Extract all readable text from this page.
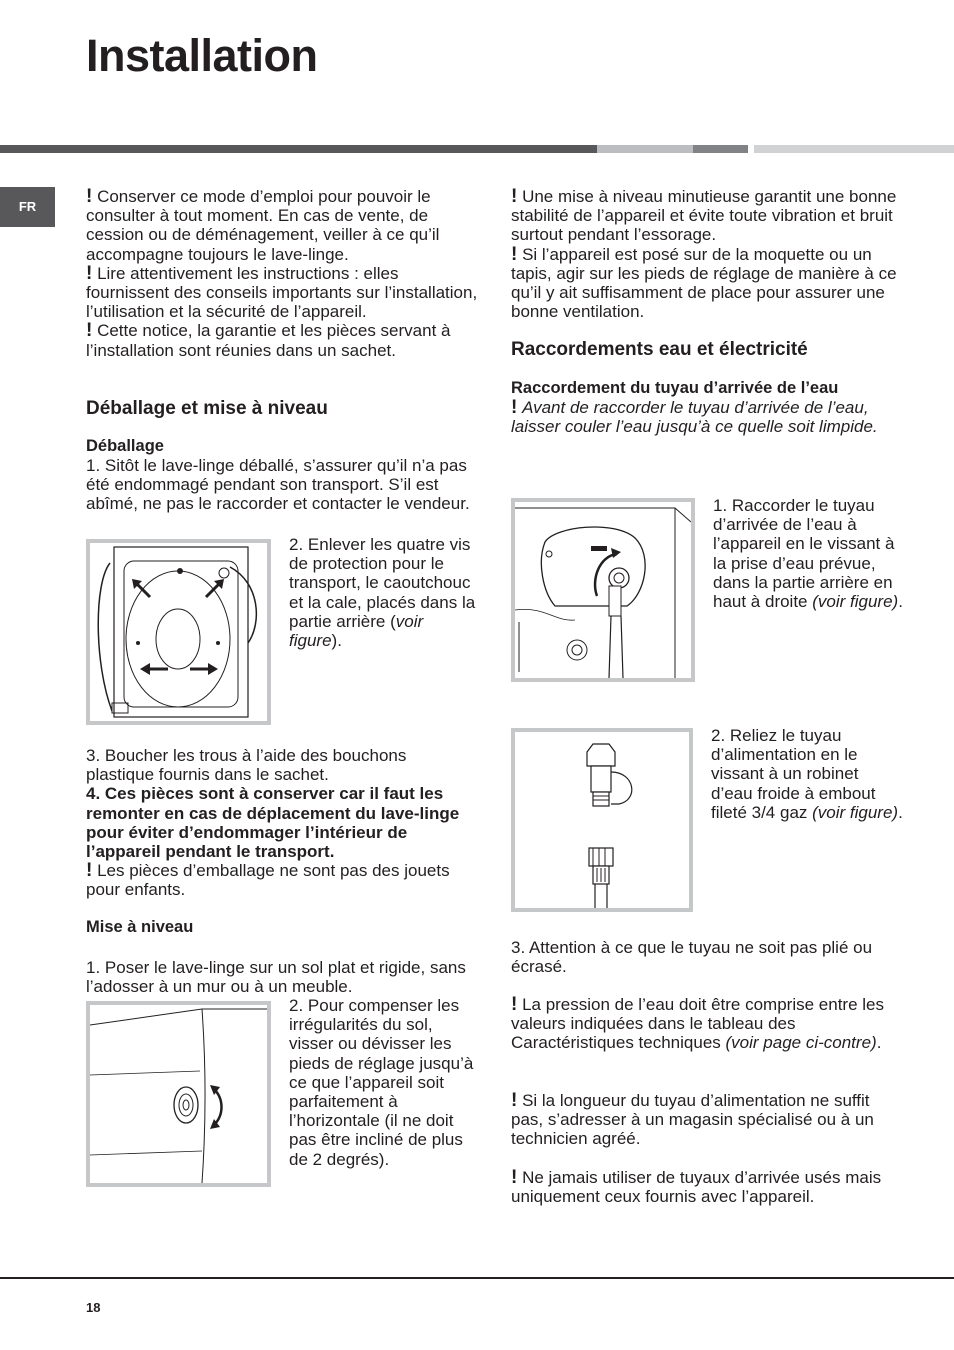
Installation
FR	! Conserver ce mode d’emploi pour pouvoir le consulter à tout moment. En cas de vente, de cession ou de déménagement, veiller à ce qu’il accompagne toujours le lave-linge.

! Lire attentivement les instructions : elles fournissent des conseils importants sur l’installation, l’utilisation et la sécurité de l’appareil.

! Cette notice, la garantie et les pièces servant à l’installation sont réunies dans un sachet.

Déballage et mise à niveau
Déballage

1. Sitôt le lave-linge déballé, s’assurer qu’il n’a pas été endommagé pendant son transport. S’il est abîmé, ne pas le raccorder et contacter le vendeur.

2. Enlever les quatre vis de protection pour le transport, le caoutchouc et la cale, placés dans la partie arrière (voir figure).

3. Boucher les trous à l’aide des bouchons plastique fournis dans le sachet.

4. Ces pièces sont à conserver car il faut les remonter en cas de déplacement du lave-linge pour éviter d’endommager l’intérieur de l’appareil pendant le transport.

! Les pièces d’emballage ne sont pas des jouets pour enfants.

Mise à niveau

1. Poser le lave-linge sur un sol plat et rigide, sans l’adosser à un mur ou à un meuble.

2. Pour compenser les irrégularités du sol, visser ou dévisser les pieds de réglage jusqu’à ce que l’appareil soit parfaitement à l’horizontale (il ne doit pas être incliné de plus de 2 degrés).

! Une mise à niveau minutieuse garantit une bonne stabilité de l’appareil et évite toute vibration et bruit surtout pendant l’essorage.

! Si l’appareil est posé sur de la moquette ou un tapis, agir sur les pieds de réglage de manière à ce qu’il y ait suffisamment de place pour assurer une bonne ventilation.

Raccordements eau et électricité
Raccordement du tuyau d’arrivée de l’eau

! Avant de raccorder le tuyau d’arrivée de l’eau, laisser couler l’eau jusqu’à ce quelle soit limpide.

1. Raccorder le tuyau d’arrivée de l’eau à l’appareil en le vissant à la prise d’eau prévue, dans la partie arrière en haut à droite (voir figure).

2. Reliez le tuyau d’alimentation en le vissant à un robinet d’eau froide à embout fileté 3/4 gaz (voir figure).

3. Attention à ce que le tuyau ne soit pas plié ou écrasé.

! La pression de l’eau doit être comprise entre les valeurs indiquées dans le tableau des Caractéristiques techniques (voir page ci-contre).

! Si la longueur du tuyau d’alimentation ne suffit pas, s’adresser à un magasin spécialisé ou à un technicien agréé.

! Ne jamais utiliser de tuyaux d’arrivée usés mais uniquement ceux fournis avec l’appareil.

18
